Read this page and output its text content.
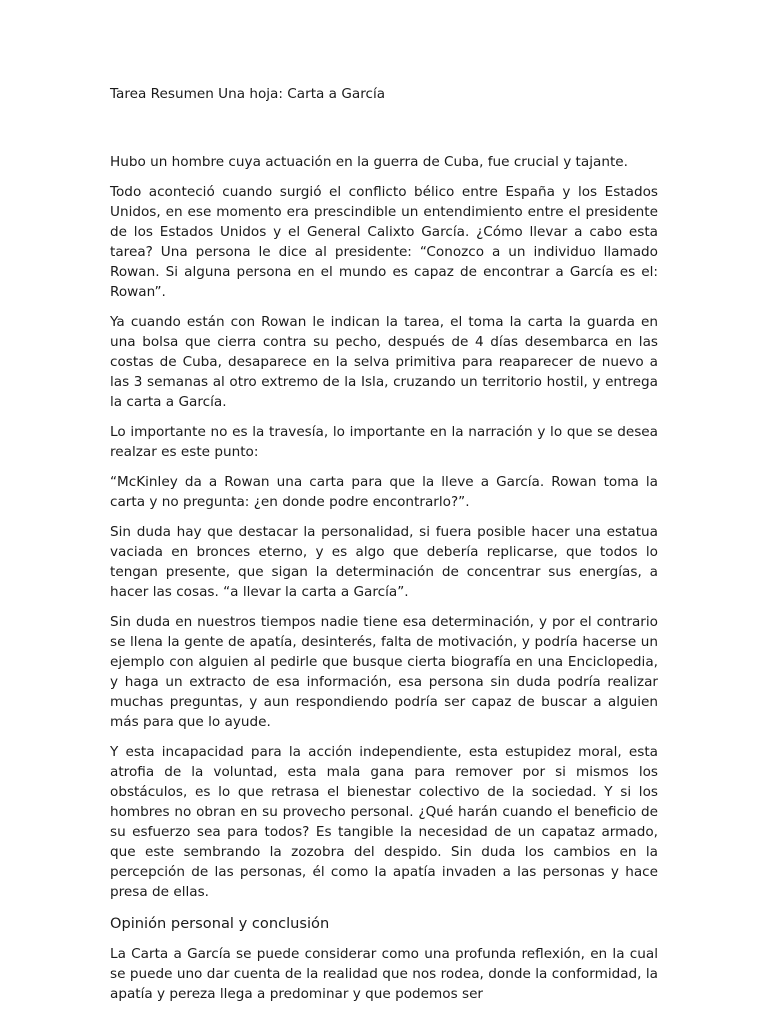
Tarea Resumen Una hoja: Carta a García

Hubo un hombre cuya actuación en la guerra de Cuba, fue crucial y tajante.

Todo aconteció cuando surgió el conflicto bélico entre España y los Estados Unidos, en ese momento era prescindible un entendimiento entre el presidente de los Estados Unidos y el General Calixto García. ¿Cómo llevar a cabo esta tarea? Una persona le dice al presidente: “Conozco a un individuo llamado Rowan. Si alguna persona en el mundo es capaz de encontrar a García es el: Rowan”.

Ya cuando están con Rowan le indican la tarea, el toma la carta la guarda en una bolsa que cierra contra su pecho, después de 4 días desembarca en las costas de Cuba, desaparece en la selva primitiva para reaparecer de nuevo a las 3 semanas al otro extremo de la Isla, cruzando un territorio hostil, y entrega la carta a García.

Lo importante no es la travesía, lo importante en la narración y lo que se desea realzar es este punto:

“McKinley da a Rowan una carta para que la lleve a García. Rowan toma la carta y no pregunta: ¿en donde podre encontrarlo?”.

Sin duda hay que destacar la personalidad, si fuera posible hacer una estatua vaciada en bronces eterno, y es algo que debería replicarse, que todos lo tengan presente, que sigan la determinación de concentrar sus energías, a hacer las cosas. “a llevar la carta a García”.

Sin duda en nuestros tiempos nadie tiene esa determinación, y por el contrario se llena la gente de apatía, desinterés, falta de motivación, y podría hacerse un ejemplo con alguien al pedirle que busque cierta biografía en una Enciclopedia, y haga un extracto de esa información, esa persona sin duda podría realizar muchas preguntas, y aun respondiendo podría ser capaz de buscar a alguien más para que lo ayude.

Y esta incapacidad para la acción independiente, esta estupidez moral, esta atrofia de la voluntad, esta mala gana para remover por si mismos los obstáculos, es lo que retrasa el bienestar colectivo de la sociedad. Y si los hombres no obran en su provecho personal. ¿Qué harán cuando el beneficio de su esfuerzo sea para todos? Es tangible la necesidad de un capataz armado, que este sembrando la zozobra del despido. Sin duda los cambios en la percepción de las personas, él como la apatía invaden a las personas y hace presa de ellas.

Opinión personal y conclusión

La Carta a García se puede considerar como una profunda reflexión, en la cual se puede uno dar cuenta de la realidad que nos rodea, donde la conformidad, la apatía y pereza llega a predominar y que podemos ser
